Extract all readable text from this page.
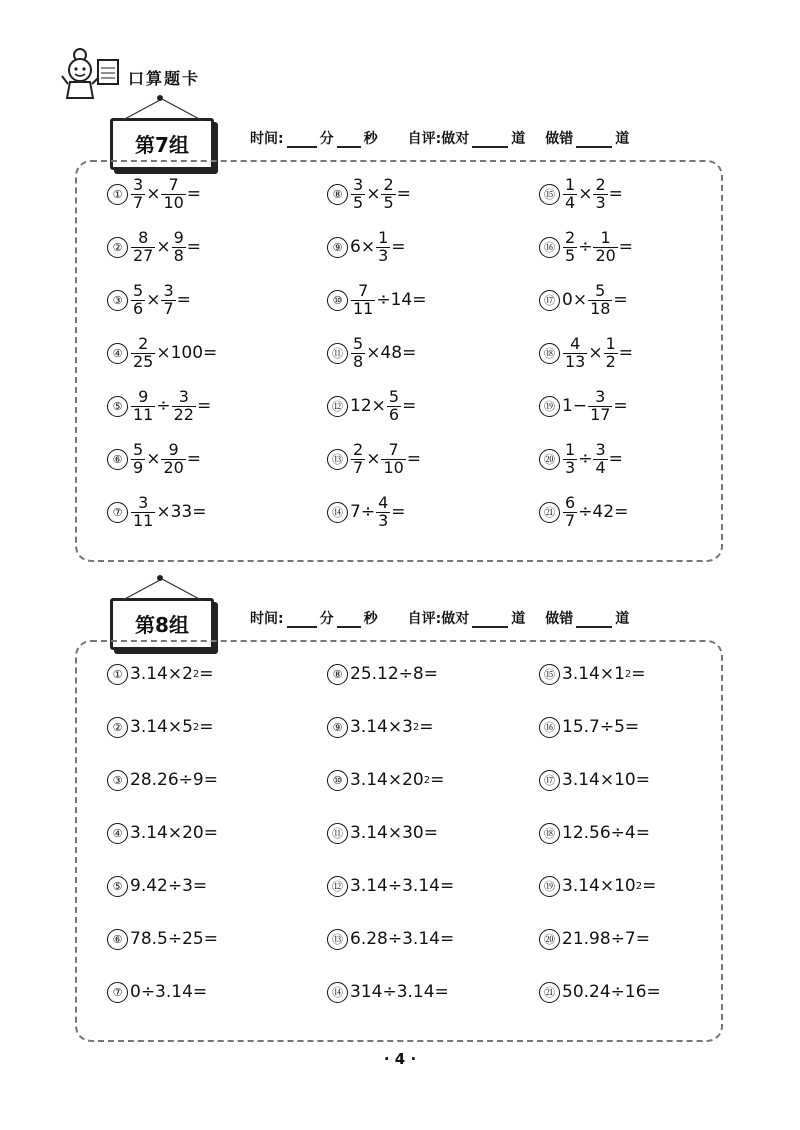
口算题卡
第7组	时间:	分 秒 自评:做对	道 做错	道
① $\frac{3}{7} \times \frac{7}{10}$ =
② $\frac{8}{27} \times \frac{9}{8}$ =
③ $\frac{5}{6} \times \frac{3}{7}$ =
④ $\frac{2}{25} \times 100=$
⑤ $\frac{9}{11} \div \frac{3}{22}$ =
⑥ $\frac{5}{9} \times \frac{9}{20}$ =
⑦ $\frac{3}{11} \times 33=$
⑧ $\frac{3}{5} \times \frac{2}{5}$ =
⑨ $6\times \frac{1}{3}$ =
⑩ $\frac{7}{11} \div 14=$
⑪ $\frac{5}{8} \times 48=$
⑫ $12\times \frac{5}{6}$ =
⑬ $\frac{2}{7} \times \frac{7}{10}$ =
⑭ $7\div \frac{4}{3}$ =
⑮ $\frac{1}{4} \times \frac{2}{3}$ =
⑯ $\frac{2}{5} \div \frac{1}{20}$ =
⑰ $0\times \frac{5}{18}$ =
⑱ $\frac{4}{13} \times \frac{1}{2}$ =
⑲ $1- \frac{3}{17}$ =
⑳ $\frac{1}{3} \div \frac{3}{4}$ =
㉑ $\frac{6}{7} \div 42=$
第8组	时间:	分 秒 自评:做对	道 做错	道
① 3.14×2 2 =
② 3.14×5 2 =
③ 28.26÷9=
④ 3.14×20=
⑤ 9.42÷3=
⑥ 78.5÷25=
⑦ 0÷3.14=
⑧ 25.12÷8=
⑨ 3.14×3 2 =
⑩ 3.14×20 2 =
⑪ 3.14×30=
⑫ 3.14÷3.14=
⑬ 6.28÷3.14=
⑭ 314÷3.14=
⑮ 3.14×1 2 =
⑯ 15.7÷5=
⑰ 3.14×10=
⑱ 12.56÷4=
⑲ 3.14×10 2 =
⑳ 21.98÷7=
㉑ 50.24÷16=
· 4 ·
